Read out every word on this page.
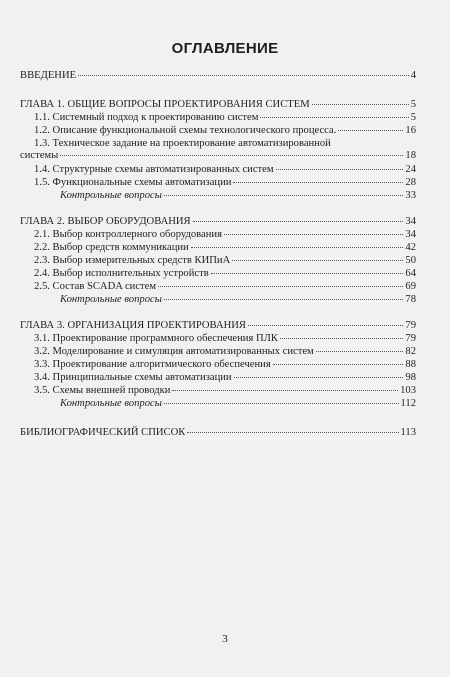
ОГЛАВЛЕНИЕ
ВВЕДЕНИЕ	4
ГЛАВА 1. ОБЩИЕ ВОПРОСЫ ПРОЕКТИРОВАНИЯ СИСТЕМ	5
1.1. Системный подход к проектированию систем	5
1.2. Описание функциональной схемы технологического процесса.	16
1.3. Техническое задание на проектирование автоматизированной
системы	18
1.4. Структурные схемы автоматизированных систем	24
1.5. Функциональные схемы автоматизации	28
Контрольные вопросы	33
ГЛАВА 2. ВЫБОР ОБОРУДОВАНИЯ	34
2.1. Выбор контроллерного оборудования	34
2.2. Выбор средств коммуникации	42
2.3. Выбор измерительных средств КИПиА	50
2.4. Выбор исполнительных устройств	64
2.5. Состав SCADA систем	69
Контрольные вопросы	78
ГЛАВА 3. ОРГАНИЗАЦИЯ ПРОЕКТИРОВАНИЯ	79
3.1. Проектирование программного обеспечения ПЛК	79
3.2. Моделирование и симуляция автоматизированных систем	82
3.3. Проектирование алгоритмического обеспечения	88
3.4. Принципиальные схемы автоматизации	98
3.5. Схемы внешней проводки	103
Контрольные вопросы	112
БИБЛИОГРАФИЧЕСКИЙ СПИСОК	113
3
